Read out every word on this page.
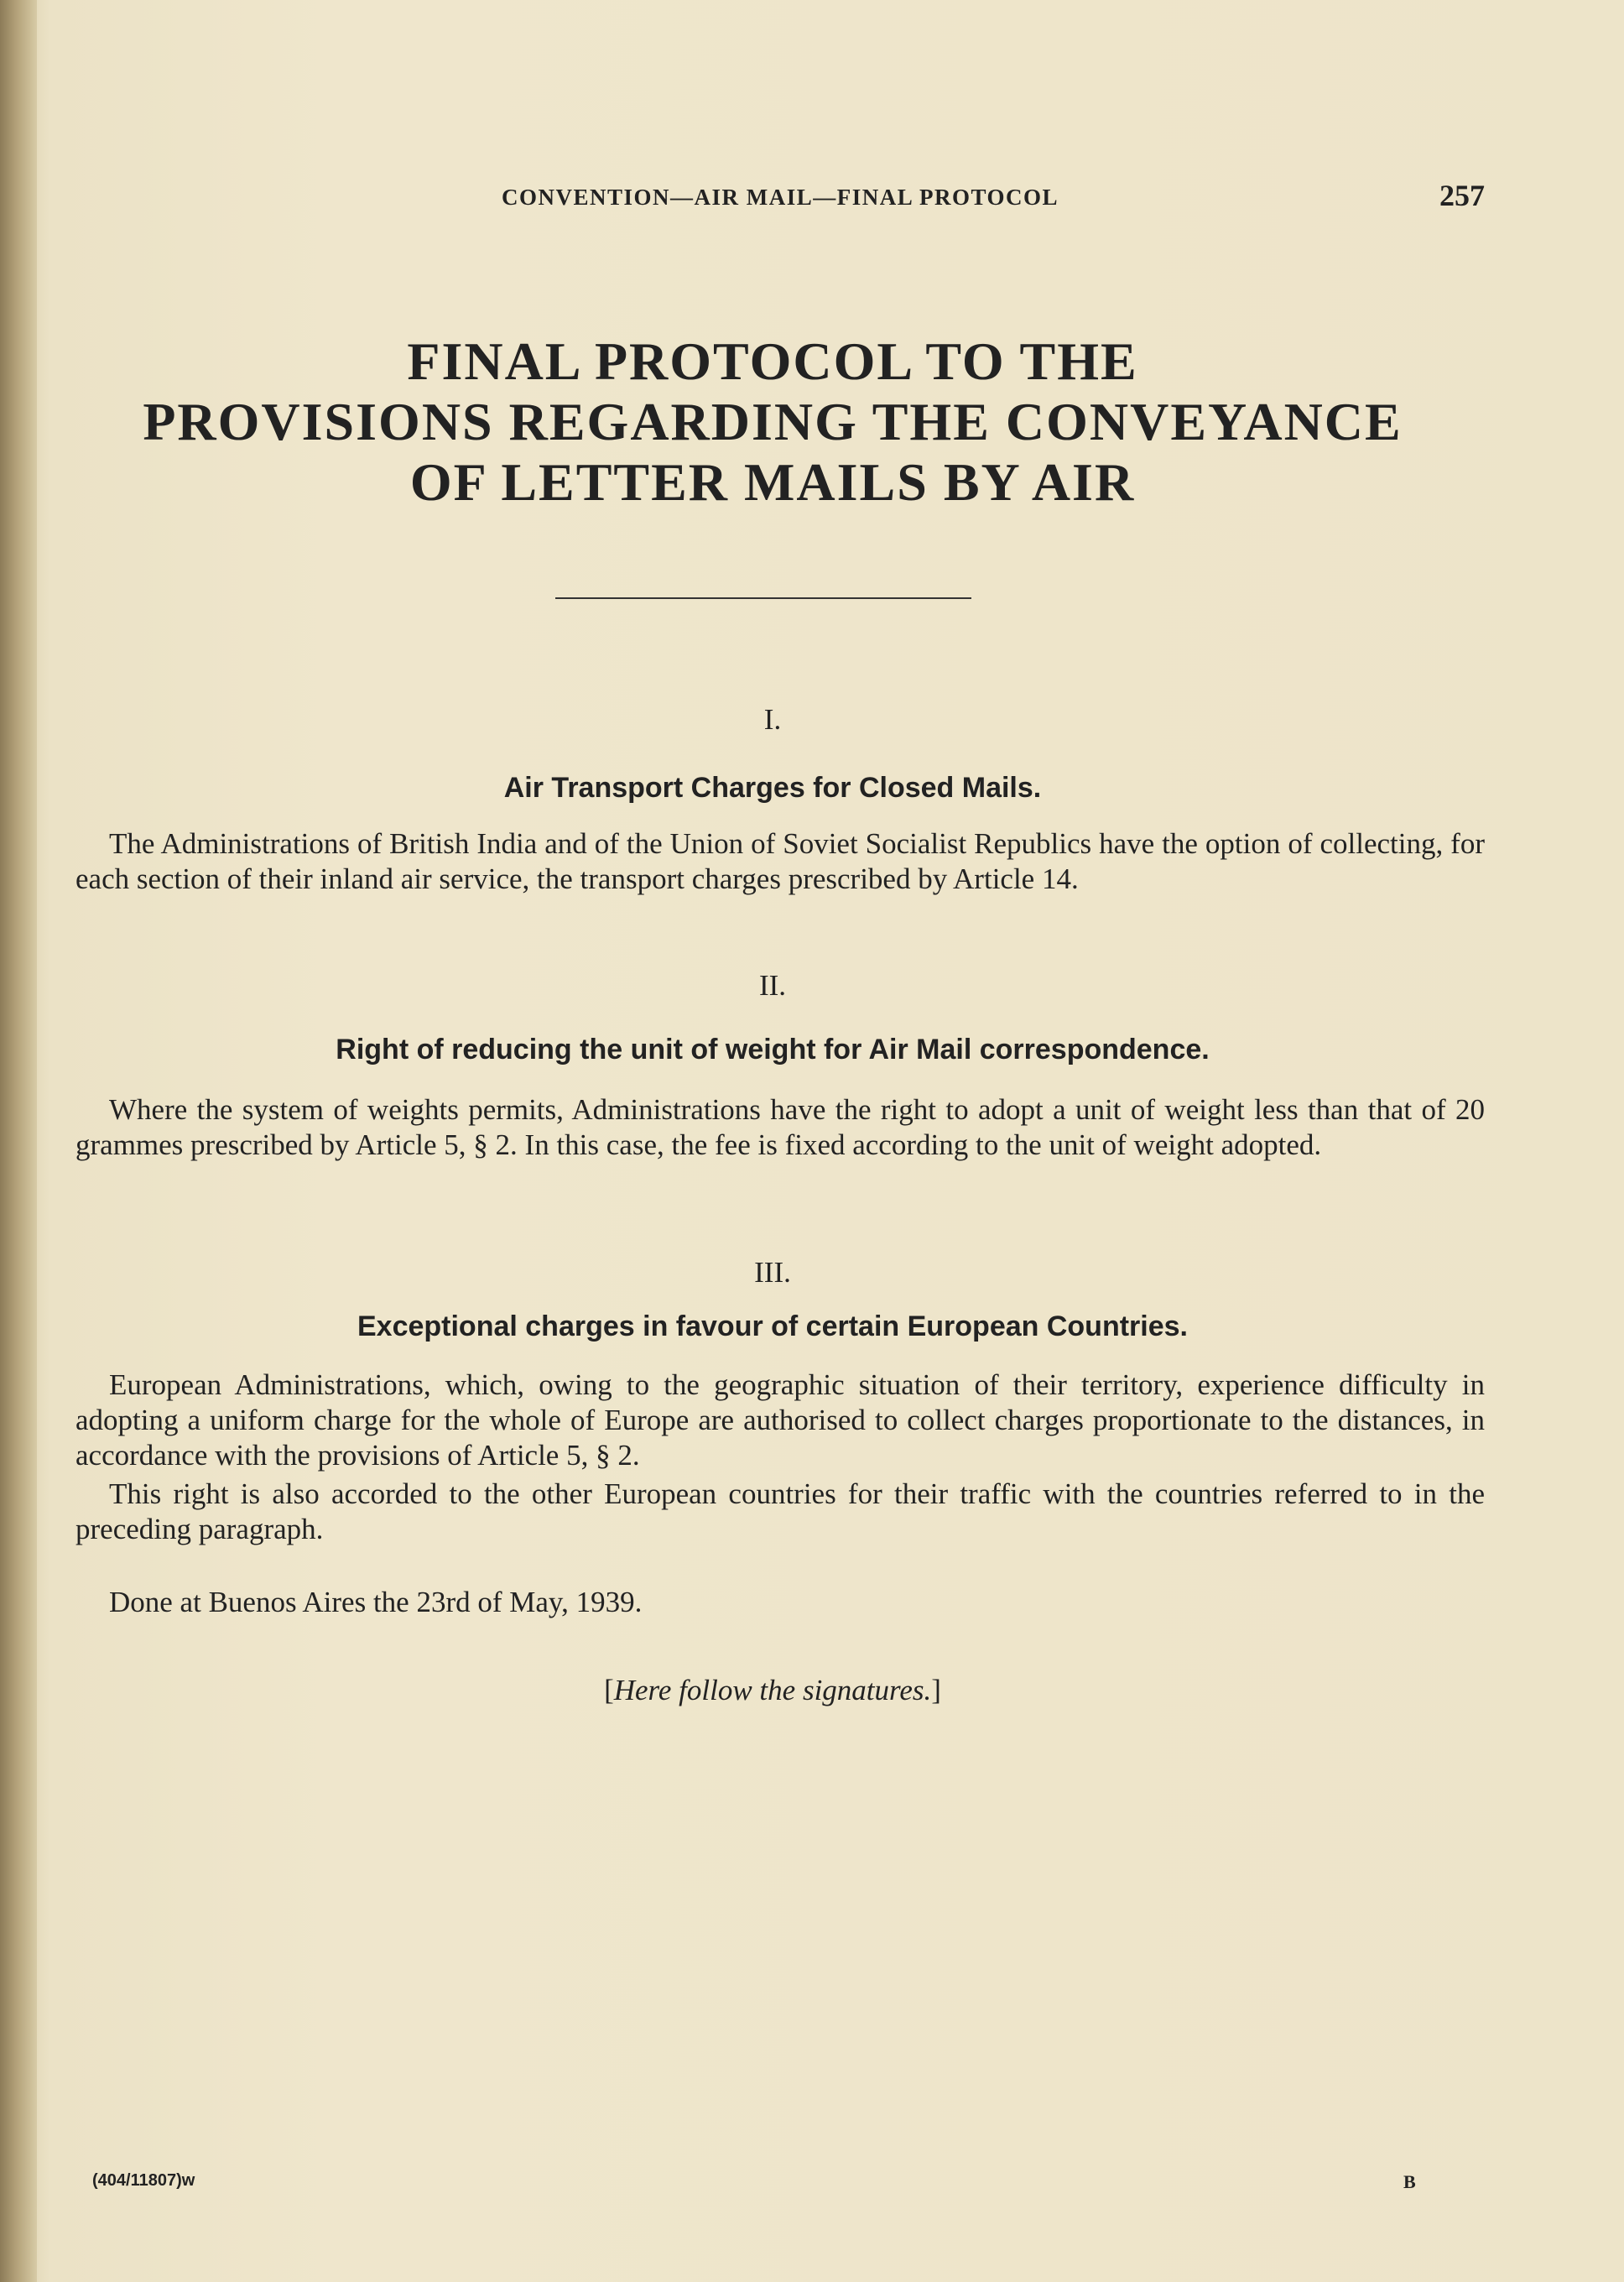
CONVENTION—AIR MAIL—FINAL PROTOCOL	257
FINAL PROTOCOL TO THE
PROVISIONS REGARDING THE CONVEYANCE
OF LETTER MAILS BY AIR
I.
Air Transport Charges for Closed Mails.
The Administrations of British India and of the Union of Soviet Socialist Republics have the option of collecting, for each section of their inland air service, the transport charges prescribed by Article 14.
II.
Right of reducing the unit of weight for Air Mail correspondence.
Where the system of weights permits, Administrations have the right to adopt a unit of weight less than that of 20 grammes prescribed by Article 5, § 2. In this case, the fee is fixed according to the unit of weight adopted.
III.
Exceptional charges in favour of certain European Countries.
European Administrations, which, owing to the geographic situation of their territory, experience difficulty in adopting a uniform charge for the whole of Europe are authorised to collect charges proportionate to the distances, in accordance with the provisions of Article 5, § 2.
This right is also accorded to the other European countries for their traffic with the countries referred to in the preceding paragraph.
Done at Buenos Aires the 23rd of May, 1939.
[Here follow the signatures.]
(404/11807)w	B
